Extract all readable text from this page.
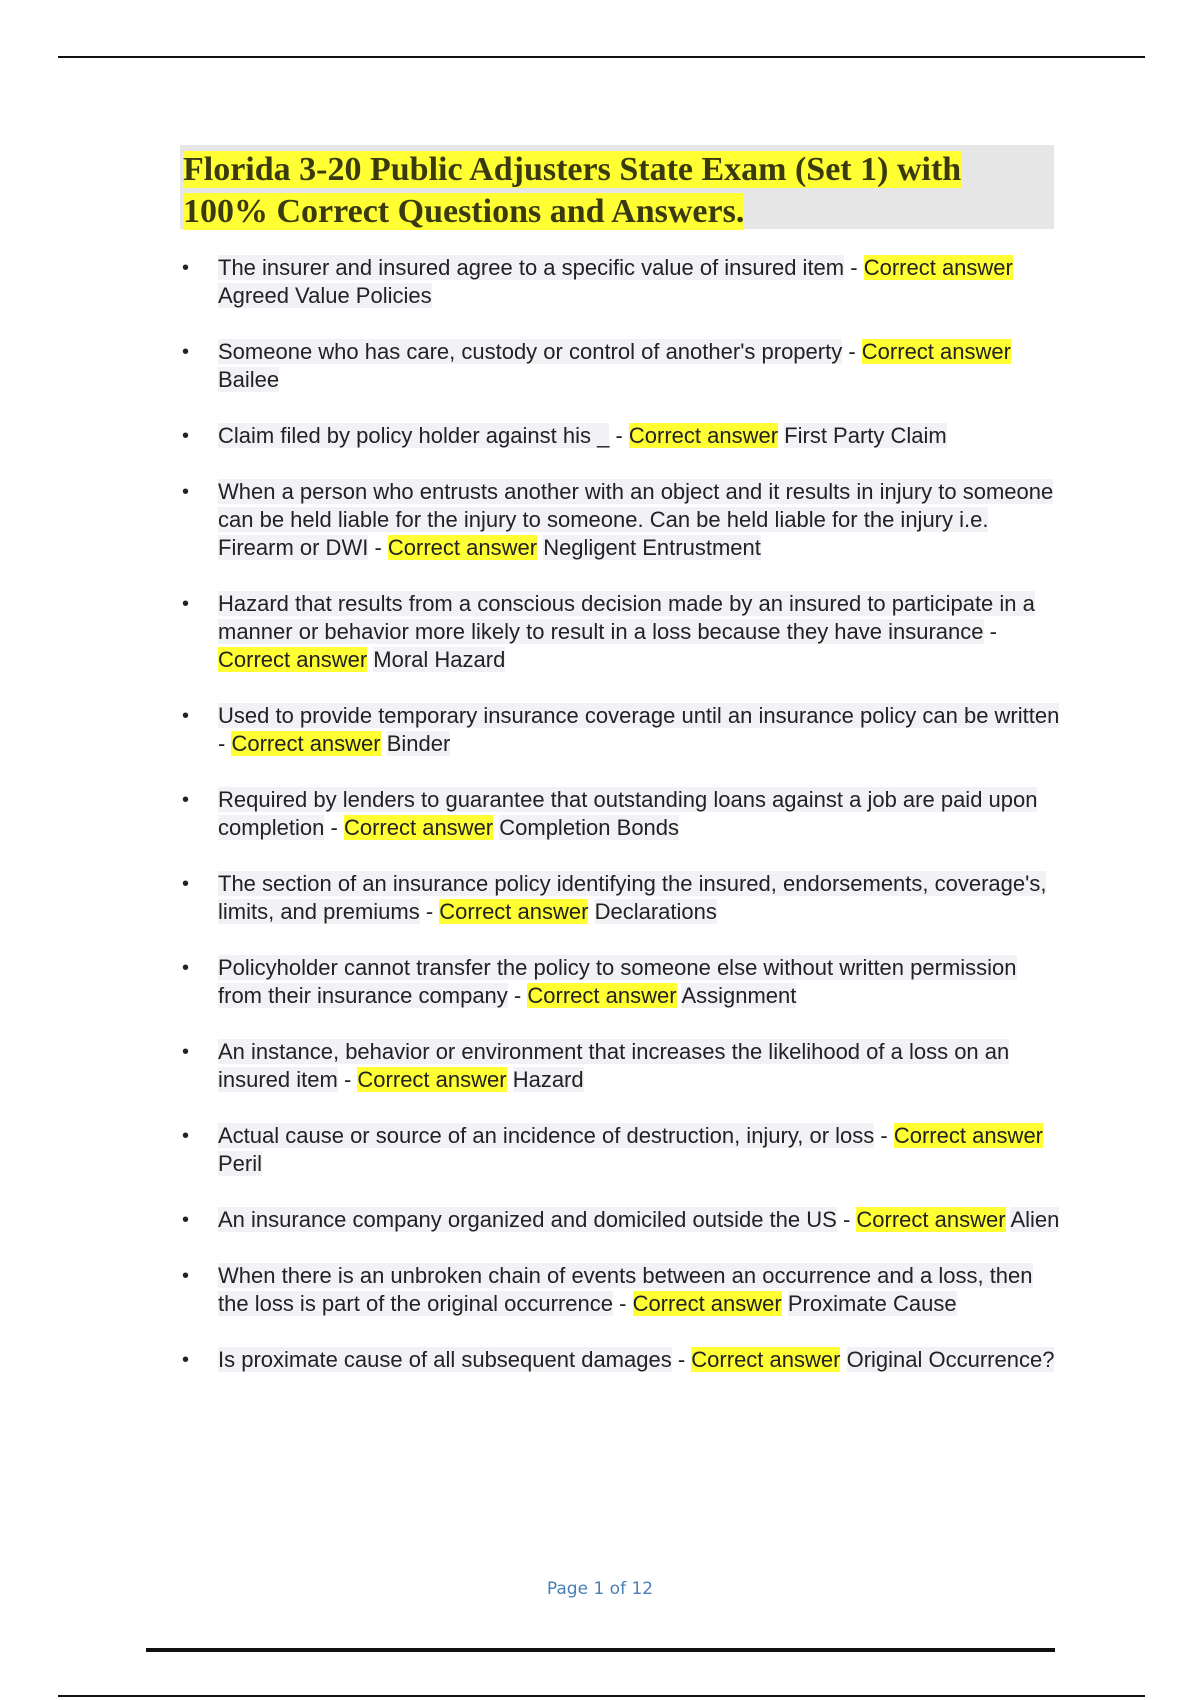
Florida 3-20 Public Adjusters State Exam (Set 1) with
100% Correct Questions and Answers.
• The insurer and insured agree to a specific value of insured item - Correct answer Agreed Value Policies
• Someone who has care, custody or control of another's property - Correct answer Bailee
• Claim filed by policy holder against his _ - Correct answer First Party Claim
• When a person who entrusts another with an object and it results in injury to someone can be held liable for the injury to someone. Can be held liable for the injury i.e. Firearm or DWI - Correct answer Negligent Entrustment
• Hazard that results from a conscious decision made by an insured to participate in a manner or behavior more likely to result in a loss because they have insurance - Correct answer Moral Hazard
• Used to provide temporary insurance coverage until an insurance policy can be written - Correct answer Binder
• Required by lenders to guarantee that outstanding loans against a job are paid upon completion - Correct answer Completion Bonds
• The section of an insurance policy identifying the insured, endorsements, coverage's, limits, and premiums - Correct answer Declarations
• Policyholder cannot transfer the policy to someone else without written permission from their insurance company - Correct answer Assignment
• An instance, behavior or environment that increases the likelihood of a loss on an insured item - Correct answer Hazard
• Actual cause or source of an incidence of destruction, injury, or loss - Correct answer Peril
• An insurance company organized and domiciled outside the US - Correct answer Alien
• When there is an unbroken chain of events between an occurrence and a loss, then the loss is part of the original occurrence - Correct answer Proximate Cause
• Is proximate cause of all subsequent damages - Correct answer Original Occurrence?
Page 1 of 12
